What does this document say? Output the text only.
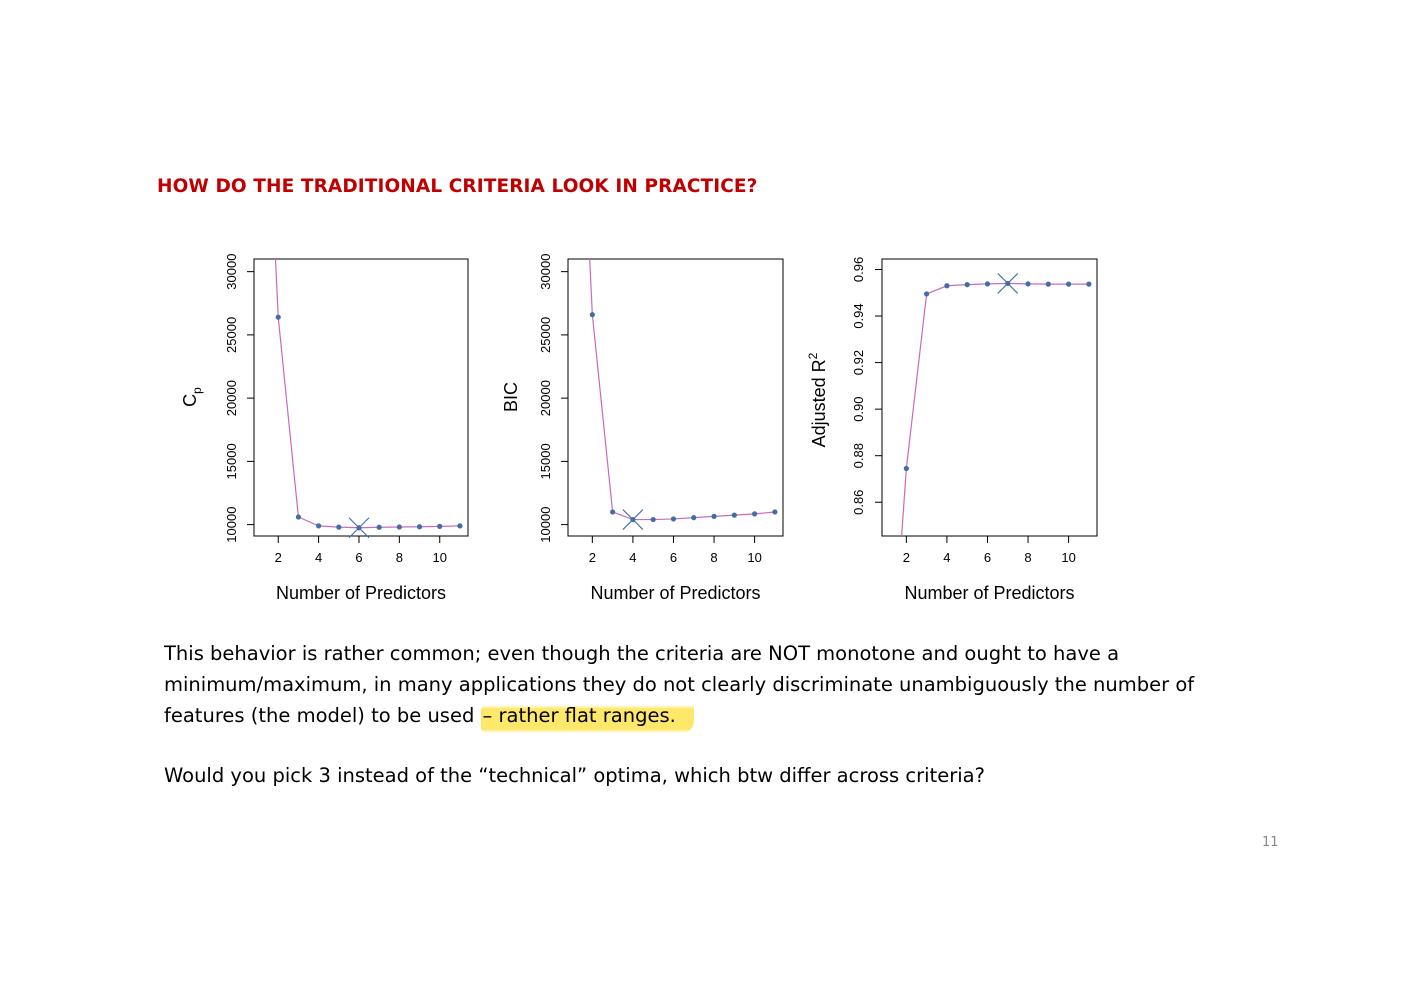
HOW DO THE TRADITIONAL CRITERIA LOOK IN PRACTICE?
2	4	6	8 10
10000
15000
20000
25000
30000
Number of Predictors
$C_p$
2	4	6	8 10
10000
15000
20000
25000
30000
Number of Predictors
BIC
2	4	6	8 10
0.86
0.88
0.90
0.92
0.94
0.96
Number of Predictors
Adjusted $R^2$

This behavior is rather common; even though the criteria are NOT monotone and ought to have a minimum/maximum, in many applications they do not clearly discriminate unambiguously the number of features (the model) to be used – rather flat ranges.

Would you pick 3 instead of the “technical” optima, which btw differ across criteria?

11
